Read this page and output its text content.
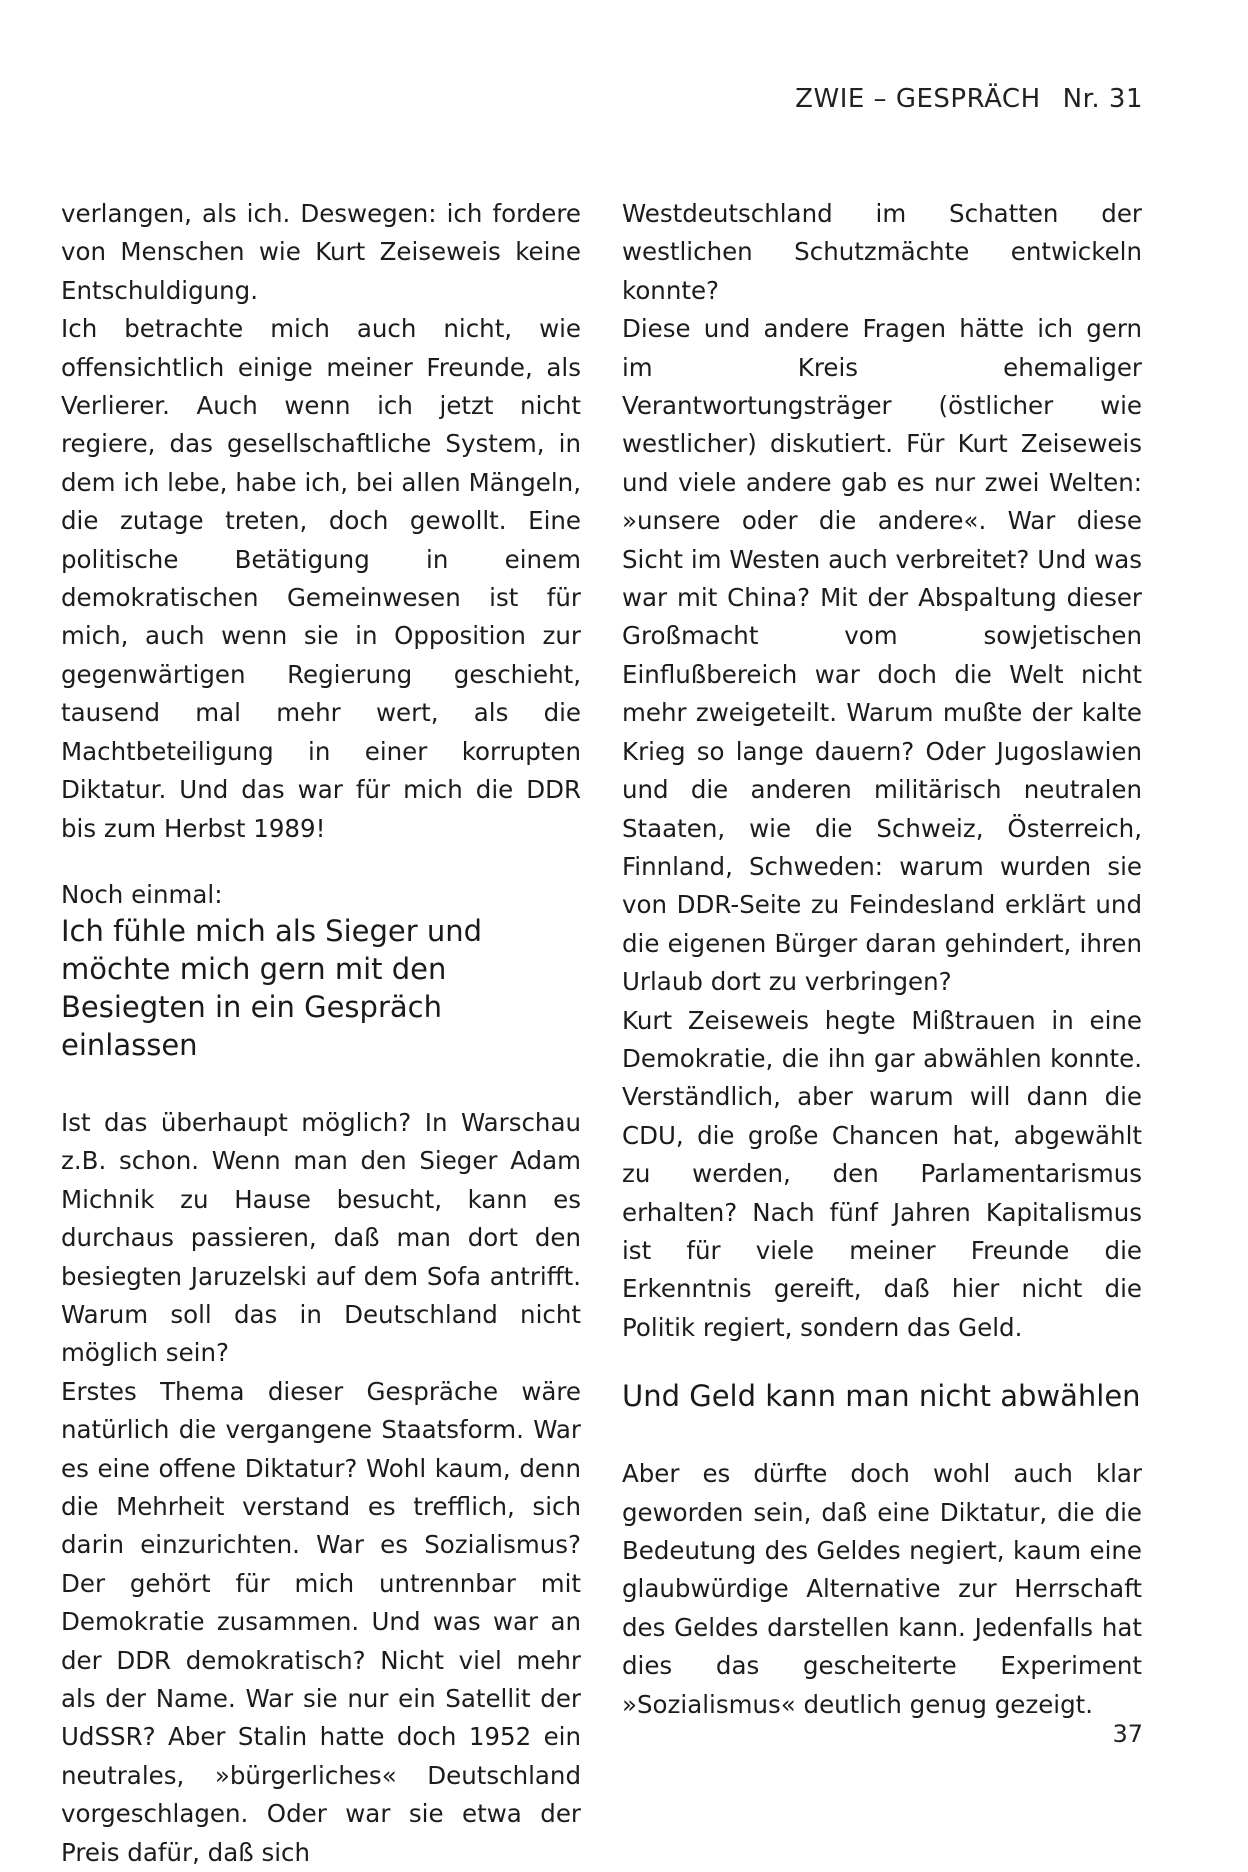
ZWIE – GESPRÄCH Nr. 31

verlangen, als ich. Deswegen: ich fordere von Menschen wie Kurt Zeiseweis keine Entschuldigung.

Ich betrachte mich auch nicht, wie offensichtlich einige meiner Freunde, als Verlierer. Auch wenn ich jetzt nicht regiere, das gesellschaftliche System, in dem ich lebe, habe ich, bei allen Mängeln, die zutage treten, doch gewollt. Eine politische Betätigung in einem demokratischen Gemeinwesen ist für mich, auch wenn sie in Opposition zur gegenwärtigen Regierung geschieht, tausend mal mehr wert, als die Machtbeteiligung in einer korrupten Diktatur. Und das war für mich die DDR bis zum Herbst 1989!

Noch einmal:

Ich fühle mich als Sieger und möchte mich gern mit den Besiegten in ein Gespräch einlassen

Ist das überhaupt möglich? In Warschau z.B. schon. Wenn man den Sieger Adam Michnik zu Hause besucht, kann es durchaus passieren, daß man dort den besiegten Jaruzelski auf dem Sofa antrifft. Warum soll das in Deutschland nicht möglich sein?

Erstes Thema dieser Gespräche wäre natürlich die vergangene Staatsform. War es eine offene Diktatur? Wohl kaum, denn die Mehrheit verstand es trefflich, sich darin einzurichten. War es Sozialismus? Der gehört für mich untrennbar mit Demokratie zusammen. Und was war an der DDR demokratisch? Nicht viel mehr als der Name. War sie nur ein Satellit der UdSSR? Aber Stalin hatte doch 1952 ein neutrales, »bürgerliches« Deutschland vorgeschlagen. Oder war sie etwa der Preis dafür, daß sich

Westdeutschland im Schatten der westlichen Schutzmächte entwickeln konnte?

Diese und andere Fragen hätte ich gern im Kreis ehemaliger Verantwortungsträger (östlicher wie westlicher) diskutiert. Für Kurt Zeiseweis und viele andere gab es nur zwei Welten: »unsere oder die andere«. War diese Sicht im Westen auch verbreitet? Und was war mit China? Mit der Abspaltung dieser Großmacht vom sowjetischen Einflußbereich war doch die Welt nicht mehr zweigeteilt. Warum mußte der kalte Krieg so lange dauern? Oder Jugoslawien und die anderen militärisch neutralen Staaten, wie die Schweiz, Österreich, Finnland, Schweden: warum wurden sie von DDR-Seite zu Feindesland erklärt und die eigenen Bürger daran gehindert, ihren Urlaub dort zu verbringen?

Kurt Zeiseweis hegte Mißtrauen in eine Demokratie, die ihn gar abwählen konnte. Verständlich, aber warum will dann die CDU, die große Chancen hat, abgewählt zu werden, den Parlamentarismus erhalten? Nach fünf Jahren Kapitalismus ist für viele meiner Freunde die Erkenntnis gereift, daß hier nicht die Politik regiert, sondern das Geld.

Und Geld kann man nicht abwählen

Aber es dürfte doch wohl auch klar geworden sein, daß eine Diktatur, die die Bedeutung des Geldes negiert, kaum eine glaubwürdige Alternative zur Herrschaft des Geldes darstellen kann. Jedenfalls hat dies das gescheiterte Experiment »Sozialismus« deutlich genug gezeigt.

37
